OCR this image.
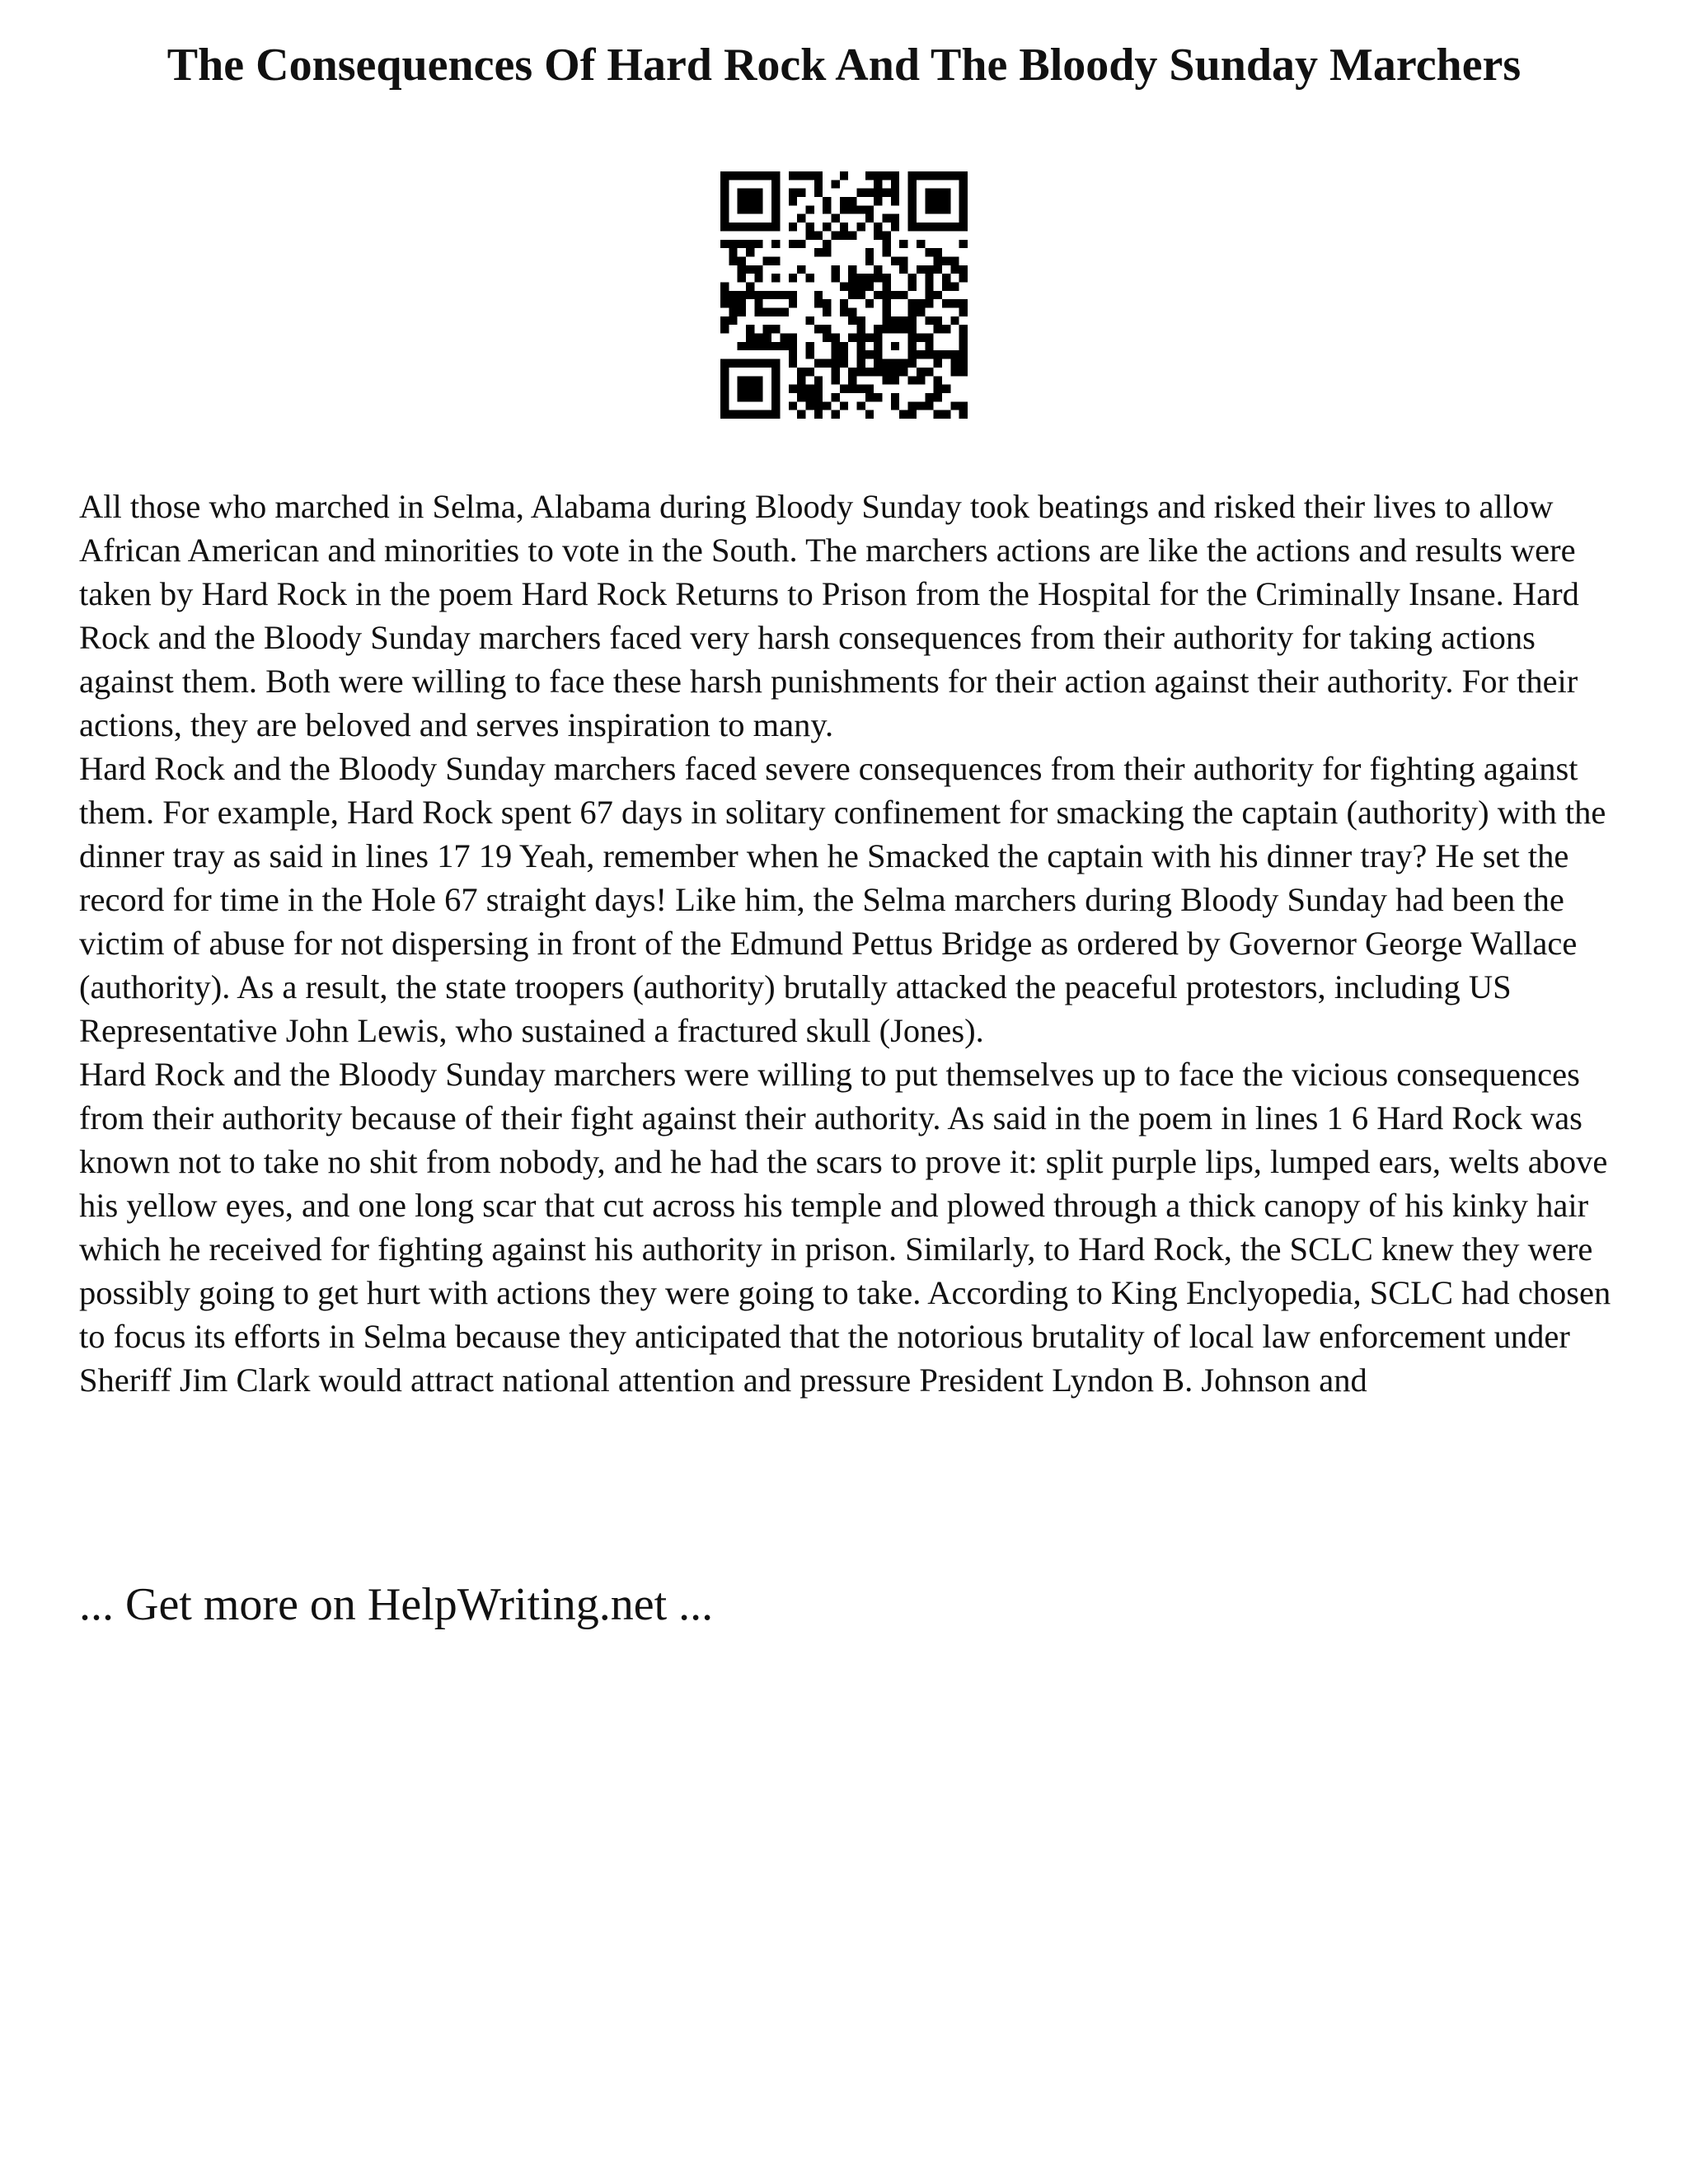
The Consequences Of Hard Rock And The Bloody Sunday Marchers

All those who marched in Selma, Alabama during Bloody Sunday took beatings and risked their lives to allow African American and minorities to vote in the South. The marchers actions are like the actions and results were taken by Hard Rock in the poem Hard Rock Returns to Prison from the Hospital for the Criminally Insane. Hard Rock and the Bloody Sunday marchers faced very harsh consequences from their authority for taking actions against them. Both were willing to face these harsh punishments for their action against their authority. For their actions, they are beloved and serves inspiration to many.

Hard Rock and the Bloody Sunday marchers faced severe consequences from their authority for fighting against them. For example, Hard Rock spent 67 days in solitary confinement for smacking the captain (authority) with the dinner tray as said in lines 17 19 Yeah, remember when he Smacked the captain with his dinner tray? He set the record for time in the Hole 67 straight days! Like him, the Selma marchers during Bloody Sunday had been the victim of abuse for not dispersing in front of the Edmund Pettus Bridge as ordered by Governor George Wallace (authority). As a result, the state troopers (authority) brutally attacked the peaceful protestors, including US Representative John Lewis, who sustained a fractured skull (Jones).

Hard Rock and the Bloody Sunday marchers were willing to put themselves up to face the vicious consequences from their authority because of their fight against their authority. As said in the poem in lines 1 6 Hard Rock was known not to take no shit from nobody, and he had the scars to prove it: split purple lips, lumped ears, welts above his yellow eyes, and one long scar that cut across his temple and plowed through a thick canopy of his kinky hair which he received for fighting against his authority in prison. Similarly, to Hard Rock, the SCLC knew they were possibly going to get hurt with actions they were going to take. According to King Enclyopedia, SCLC had chosen to focus its efforts in Selma because they anticipated that the notorious brutality of local law enforcement under Sheriff Jim Clark would attract national attention and pressure President Lyndon B. Johnson and

... Get more on HelpWriting.net ...
